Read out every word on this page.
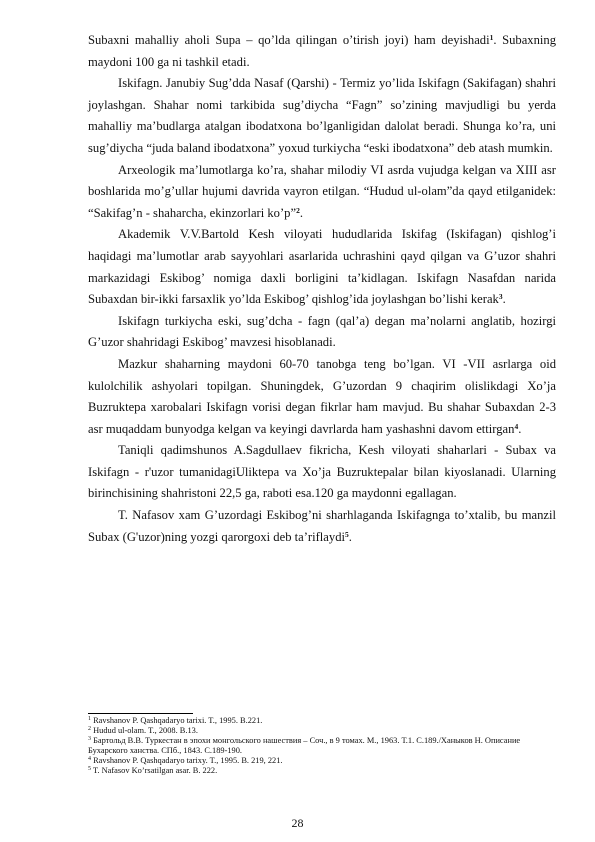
Subaxni mahalliy aholi Supa – qo’lda qilingan o’tirish joyi) ham deyishadi$^1$. Subaxning maydoni 100 ga ni tashkil etadi.

Iskifagn. Janubiy Sug’dda Nasaf (Qarshi) - Termiz yo’lida Iskifagn (Sakifagan) shahri joylashgan. Shahar nomi tarkibida sug’diycha “Fagn” so’zining mavjudligi bu yerda mahalliy ma’budlarga atalgan ibodatxona bo’lganligidan dalolat beradi. Shunga ko’ra, uni sug’diycha “juda baland ibodatxona” yoxud turkiycha “eski ibodatxona” deb atash mumkin.

Arxeologik ma’lumotlarga ko’ra, shahar milodiy VI asrda vujudga kelgan va XIII asr boshlarida mo’g’ullar hujumi davrida vayron etilgan. “Hudud ul-olam”da qayd etilganidek: “Sakifag’n - shaharcha, ekinzorlari ko’p”$^2$.

Akademik V.V.Bartold Kesh viloyati hududlarida Iskifag (Iskifagan) qishlog’i haqidagi ma’lumotlar arab sayyohlari asarlarida uchrashini qayd qilgan va G’uzor shahri markazidagi Eskibog’ nomiga daxli borligini ta’kidlagan. Iskifagn Nasafdan narida Subaxdan bir-ikki farsaxlik yo’lda Eskibog’ qishlog’ida joylashgan bo’lishi kerak$^3$.

Iskifagn turkiycha eski, sug’dcha - fagn (qal’a) degan ma’nolarni anglatib, hozirgi G’uzor shahridagi Eskibog’ mavzesi hisoblanadi.

Mazkur shaharning maydoni 60-70 tanobga teng bo’lgan. VI -VII asrlarga oid kulolchilik ashyolari topilgan. Shuningdek, G’uzordan 9 chaqirim olislikdagi Xo’ja Buzruktepa xarobalari Iskifagn vorisi degan fikrlar ham mavjud. Bu shahar Subaxdan 2-3 asr muqaddam bunyodga kelgan va keyingi davrlarda ham yashashni davom ettirgan$^4$.

Taniqli qadimshunos A.Sagdullaev fikricha, Kesh viloyati shaharlari - Subax va Iskifagn - r'uzor tumanidagiUliktepa va Xo’ja Buzruktepalar bilan kiyoslanadi. Ularning birinchisining shahristoni 22,5 ga, raboti esa.120 ga maydonni egallagan.

T. Nafasov xam G’uzordagi Eskibog’ni sharhlaganda Iskifagnga to’xtalib, bu manzil Subax (G'uzor)ning yozgi qarorgoxi deb ta’riflaydi$^5$.

$^1$ Ravshanov P. Qashqadaryo tarixi. T., 1995. B.221.

$^2$ Hudud ul-olam. T., 2008. B.13.

$^3$ Бартольд В.В. Туркестан в эпохи монгольского нашествия – Соч., в 9 томах. М., 1963. Т.1. С.189./Ханыков Н. Описание Бухарского ханства. СПб., 1843. С.189-190.

$^4$ Ravshanov P. Qashqadaryo tarixy. T., 1995. B. 219, 221.

$^5$ T. Nafasov Ko’rsatilgan asar. B. 222.

28
